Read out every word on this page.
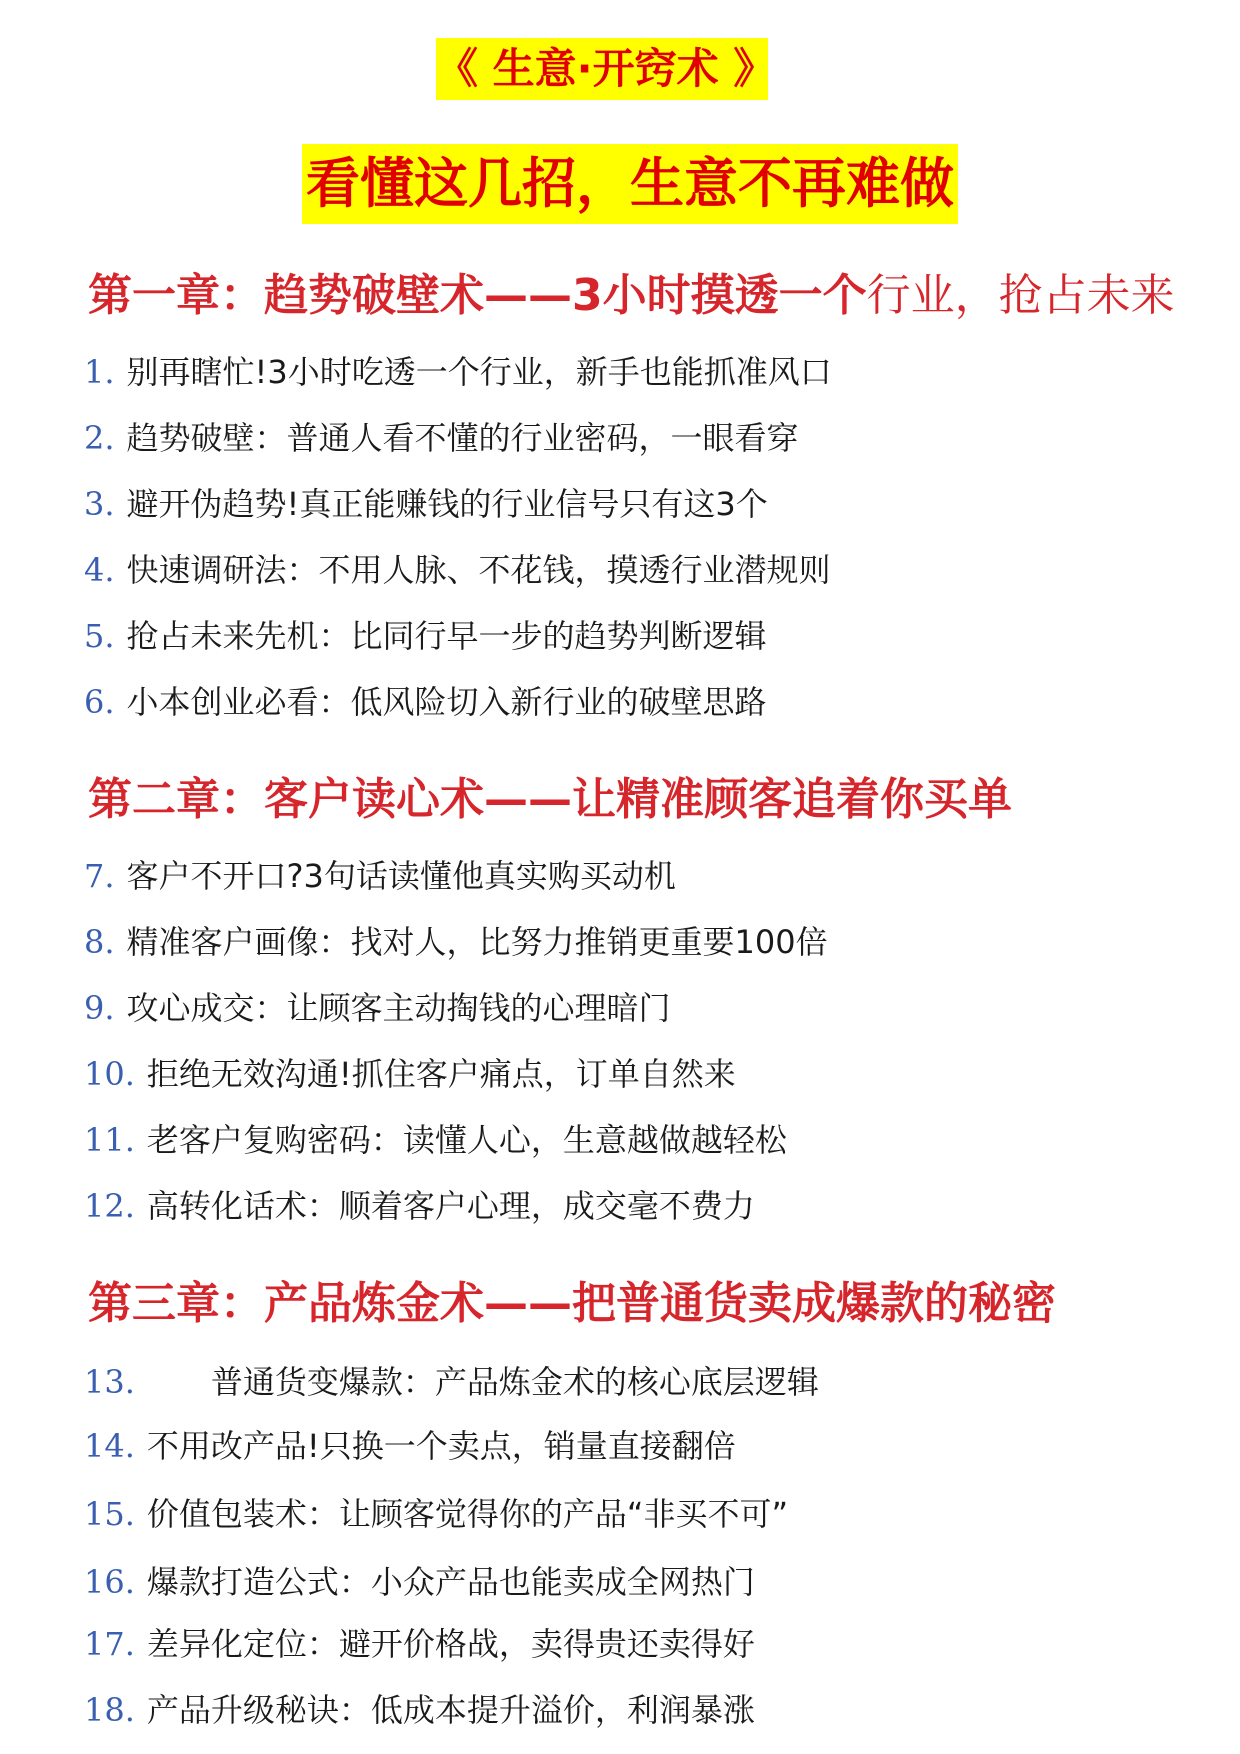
《 生意·开窍术 》
看懂这几招，生意不再难做
第一章：趋势破壁术——3小时摸透一个行业，抢占未来
1. 别再瞎忙!3小时吃透一个行业，新手也能抓准风口
2. 趋势破壁：普通人看不懂的行业密码，一眼看穿
3. 避开伪趋势!真正能赚钱的行业信号只有这3个
4. 快速调研法：不用人脉、不花钱，摸透行业潜规则
5. 抢占未来先机：比同行早一步的趋势判断逻辑
6. 小本创业必看：低风险切入新行业的破壁思路
第二章：客户读心术——让精准顾客追着你买单
7. 客户不开口?3句话读懂他真实购买动机
8. 精准客户画像：找对人，比努力推销更重要100倍
9. 攻心成交：让顾客主动掏钱的心理暗门
10. 拒绝无效沟通!抓住客户痛点，订单自然来
11. 老客户复购密码：读懂人心，生意越做越轻松
12. 高转化话术：顺着客户心理，成交毫不费力
第三章：产品炼金术——把普通货卖成爆款的秘密
13. 普通货变爆款：产品炼金术的核心底层逻辑
14. 不用改产品!只换一个卖点，销量直接翻倍
15. 价值包装术：让顾客觉得你的产品“非买不可”
16. 爆款打造公式：小众产品也能卖成全网热门
17. 差异化定位：避开价格战，卖得贵还卖得好
18. 产品升级秘诀：低成本提升溢价，利润暴涨
